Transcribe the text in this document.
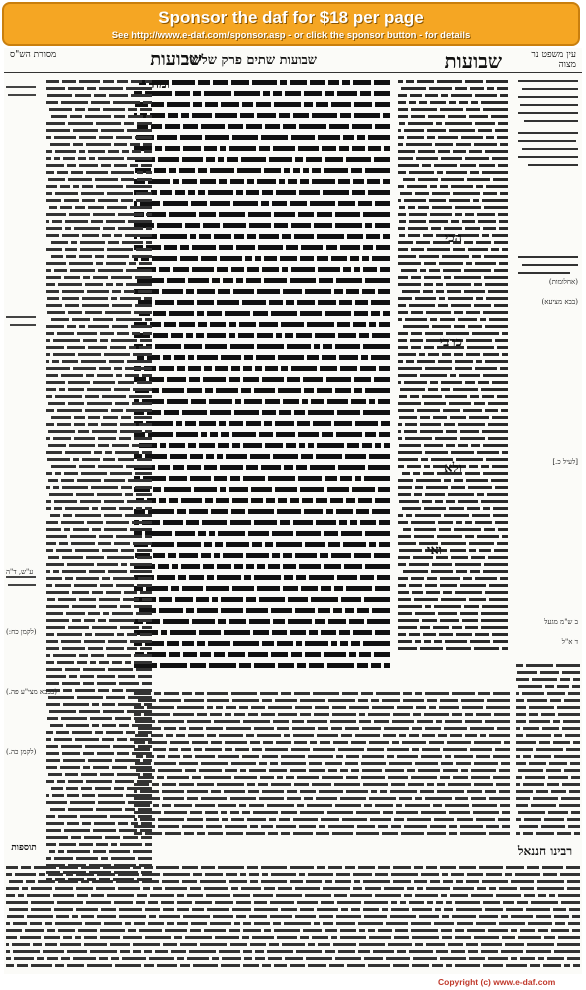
Sponsor the daf for $18 per page
See http://www.e-daf.com/sponsor.asp - or click the sponsor button - for details
עין משפט נר מצוה
שבועות
שבועות שתים פרק שלישי
שבועות
מסורת הש"ס
ומה
הכי
כרבי
ולא
ואי
ע"ש, ד"ה
(לקמן כח:)
(בבבא מצי"ע פה.)
(לקמן כה.)
(אחלומות)
(בבא מציעא)
[לעיל כ.]
ב ש"מ מגעל
ד א"ל
רבינו חננאל
תוספות
Copyright (c) www.e-daf.com
